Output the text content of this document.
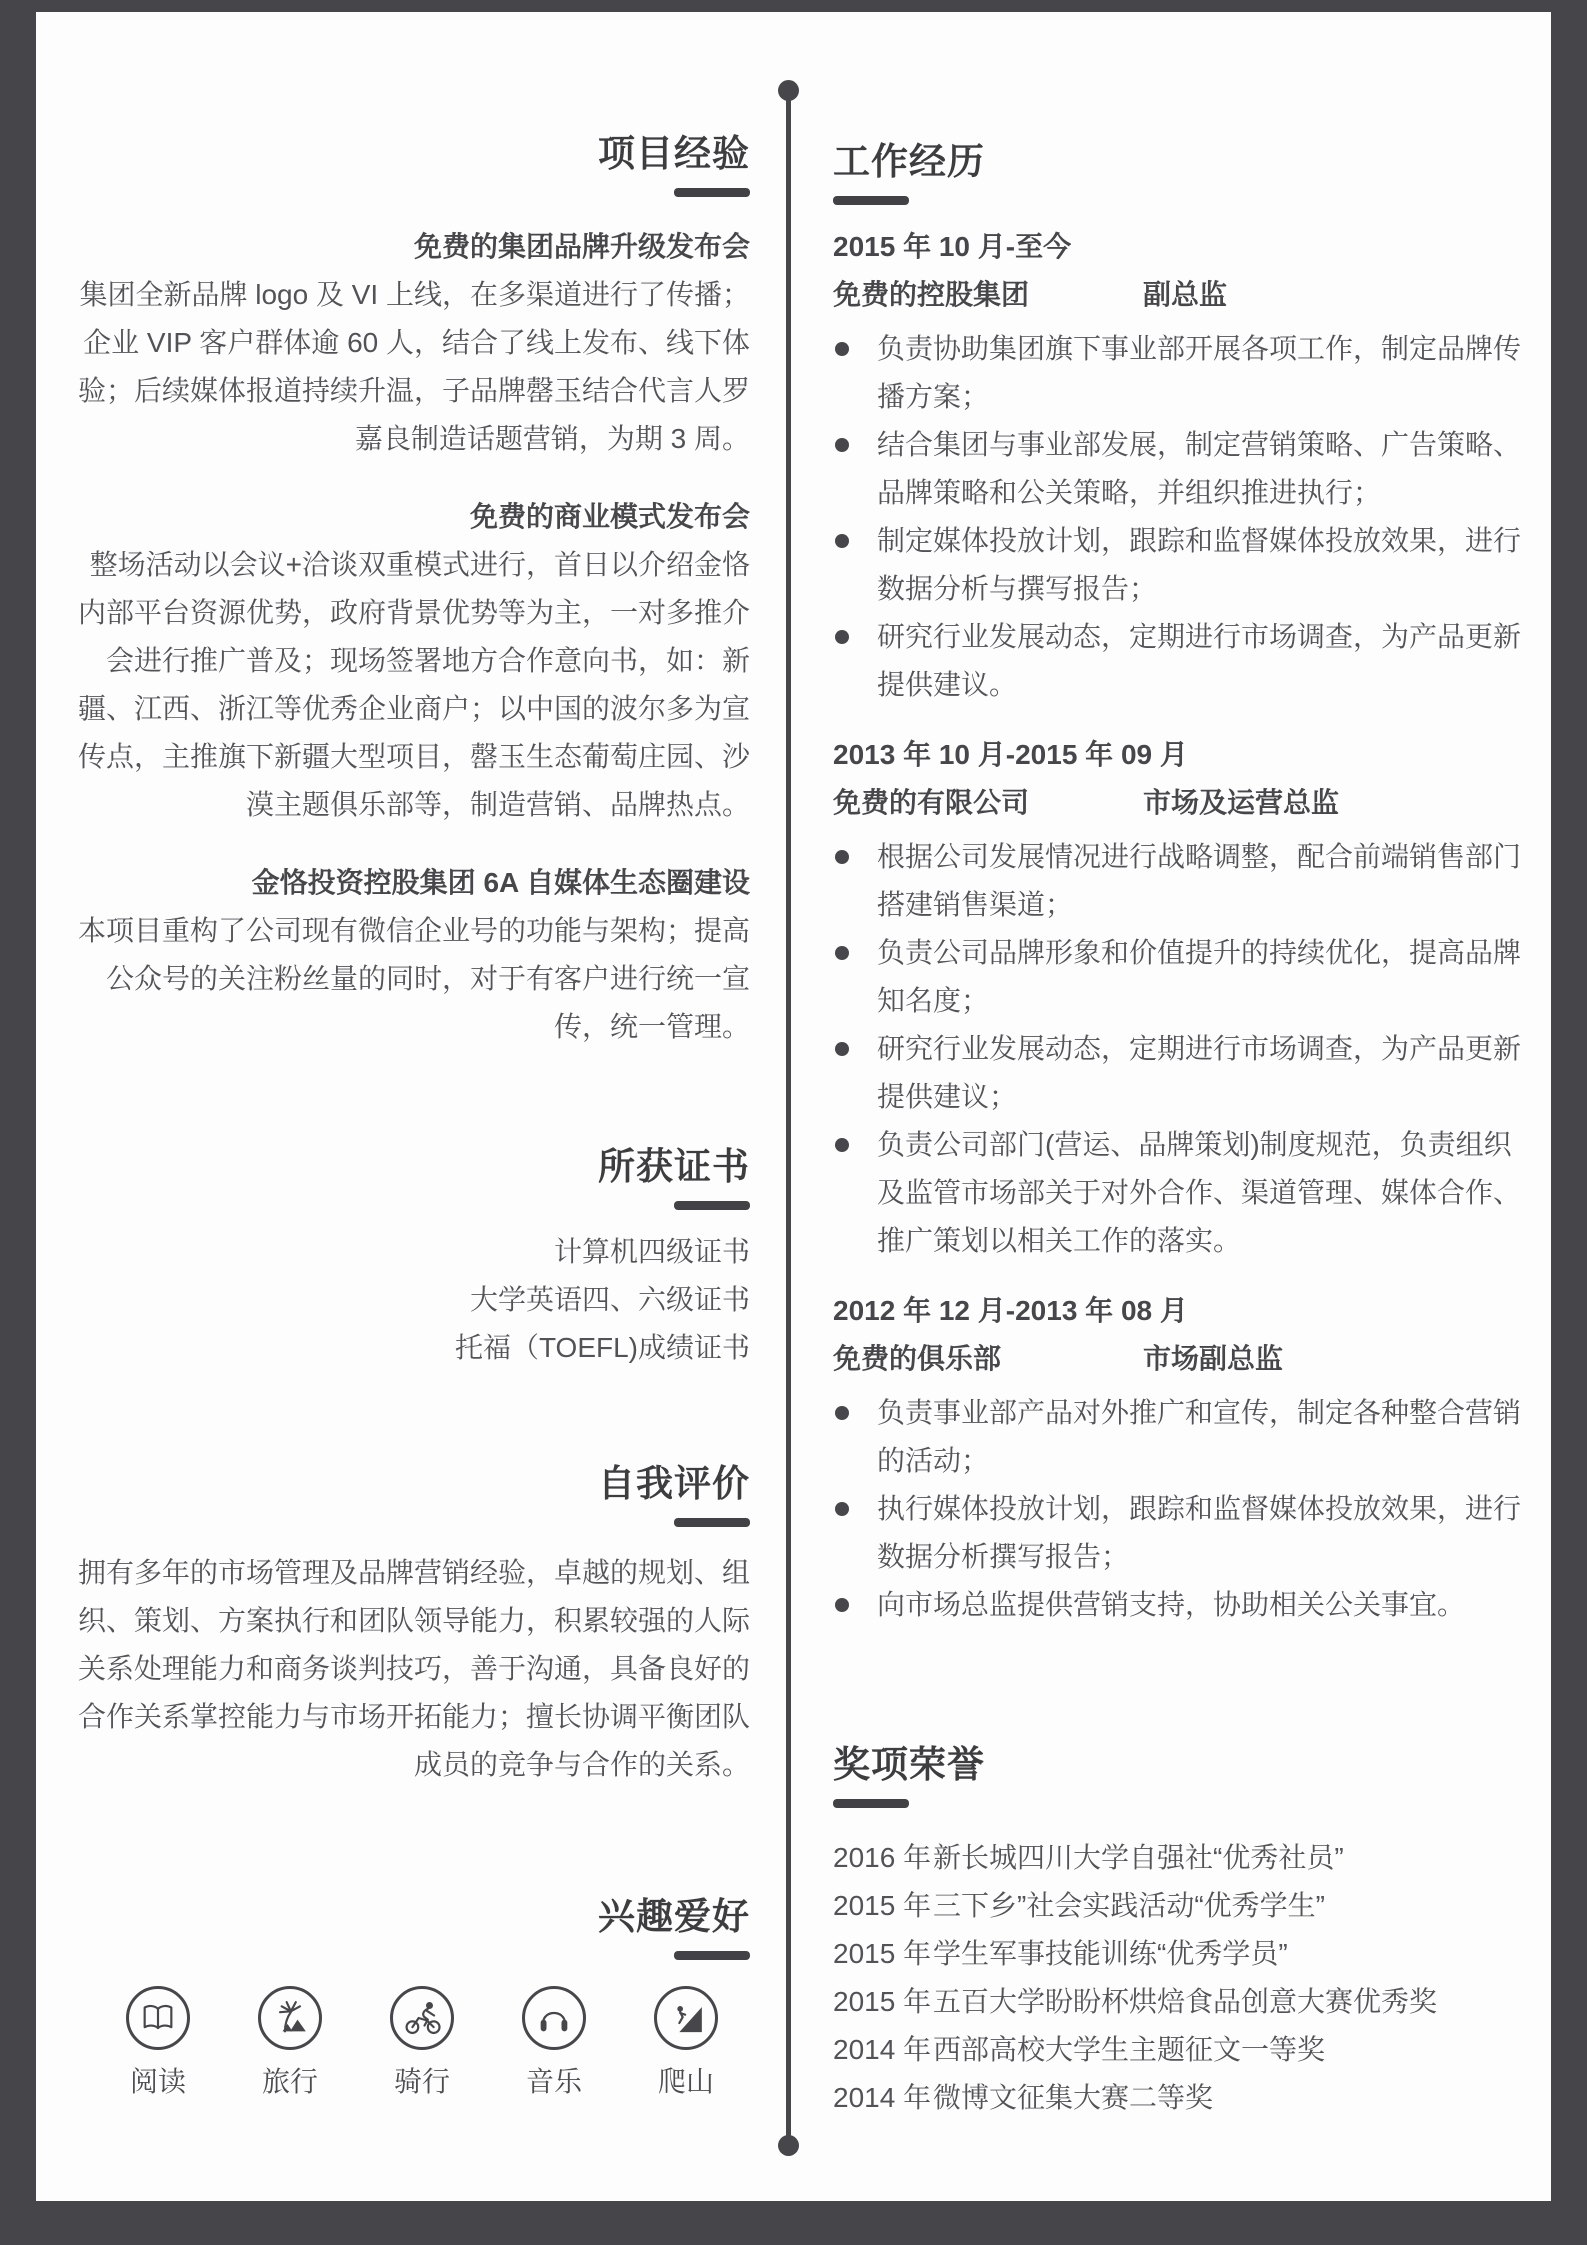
项目经验
免费的集团品牌升级发布会

集团全新品牌 logo 及 VI 上线，在多渠道进行了传播；企业 VIP 客户群体逾 60 人，结合了线上发布、线下体验；后续媒体报道持续升温，子品牌罄玉结合代言人罗嘉良制造话题营销，为期 3 周。

免费的商业模式发布会

整场活动以会议+洽谈双重模式进行，首日以介绍金恪内部平台资源优势，政府背景优势等为主，一对多推介会进行推广普及；现场签署地方合作意向书，如：新疆、江西、浙江等优秀企业商户；以中国的波尔多为宣传点，主推旗下新疆大型项目，罄玉生态葡萄庄园、沙漠主题俱乐部等，制造营销、品牌热点。

金恪投资控股集团 6A 自媒体生态圈建设

本项目重构了公司现有微信企业号的功能与架构；提高公众号的关注粉丝量的同时，对于有客户进行统一宣传，统一管理。

所获证书
计算机四级证书
大学英语四、六级证书
托福（TOEFL)成绩证书
自我评价

拥有多年的市场管理及品牌营销经验，卓越的规划、组织、策划、方案执行和团队领导能力，积累较强的人际关系处理能力和商务谈判技巧，善于沟通，具备良好的合作关系掌控能力与市场开拓能力；擅长协调平衡团队成员的竞争与合作的关系。

兴趣爱好
阅读	旅行	骑行	音乐	爬山
工作经历
2015 年 10 月-至今
免费的控股集团	副总监
负责协助集团旗下事业部开展各项工作，制定品牌传播方案；
结合集团与事业部发展，制定营销策略、广告策略、品牌策略和公关策略，并组织推进执行；
制定媒体投放计划，跟踪和监督媒体投放效果，进行数据分析与撰写报告；
研究行业发展动态，定期进行市场调查，为产品更新提供建议。
2013 年 10 月-2015 年 09 月
免费的有限公司	市场及运营总监
根据公司发展情况进行战略调整，配合前端销售部门搭建销售渠道；
负责公司品牌形象和价值提升的持续优化，提高品牌知名度；
研究行业发展动态，定期进行市场调查，为产品更新提供建议；
负责公司部门(营运、品牌策划)制度规范，负责组织及监管市场部关于对外合作、渠道管理、媒体合作、推广策划以相关工作的落实。
2012 年 12 月-2013 年 08 月
免费的俱乐部	市场副总监
负责事业部产品对外推广和宣传，制定各种整合营销的活动；
执行媒体投放计划，跟踪和监督媒体投放效果，进行数据分析撰写报告；
向市场总监提供营销支持，协助相关公关事宜。
奖项荣誉
2016 年 新长城四川大学自强社“优秀社员”
2015 年 三下乡”社会实践活动“优秀学生”
2015 年 学生军事技能训练“优秀学员”
2015 年 五百大学盼盼杯烘焙食品创意大赛优秀奖
2014 年 西部高校大学生主题征文一等奖
2014 年 微博文征集大赛二等奖
